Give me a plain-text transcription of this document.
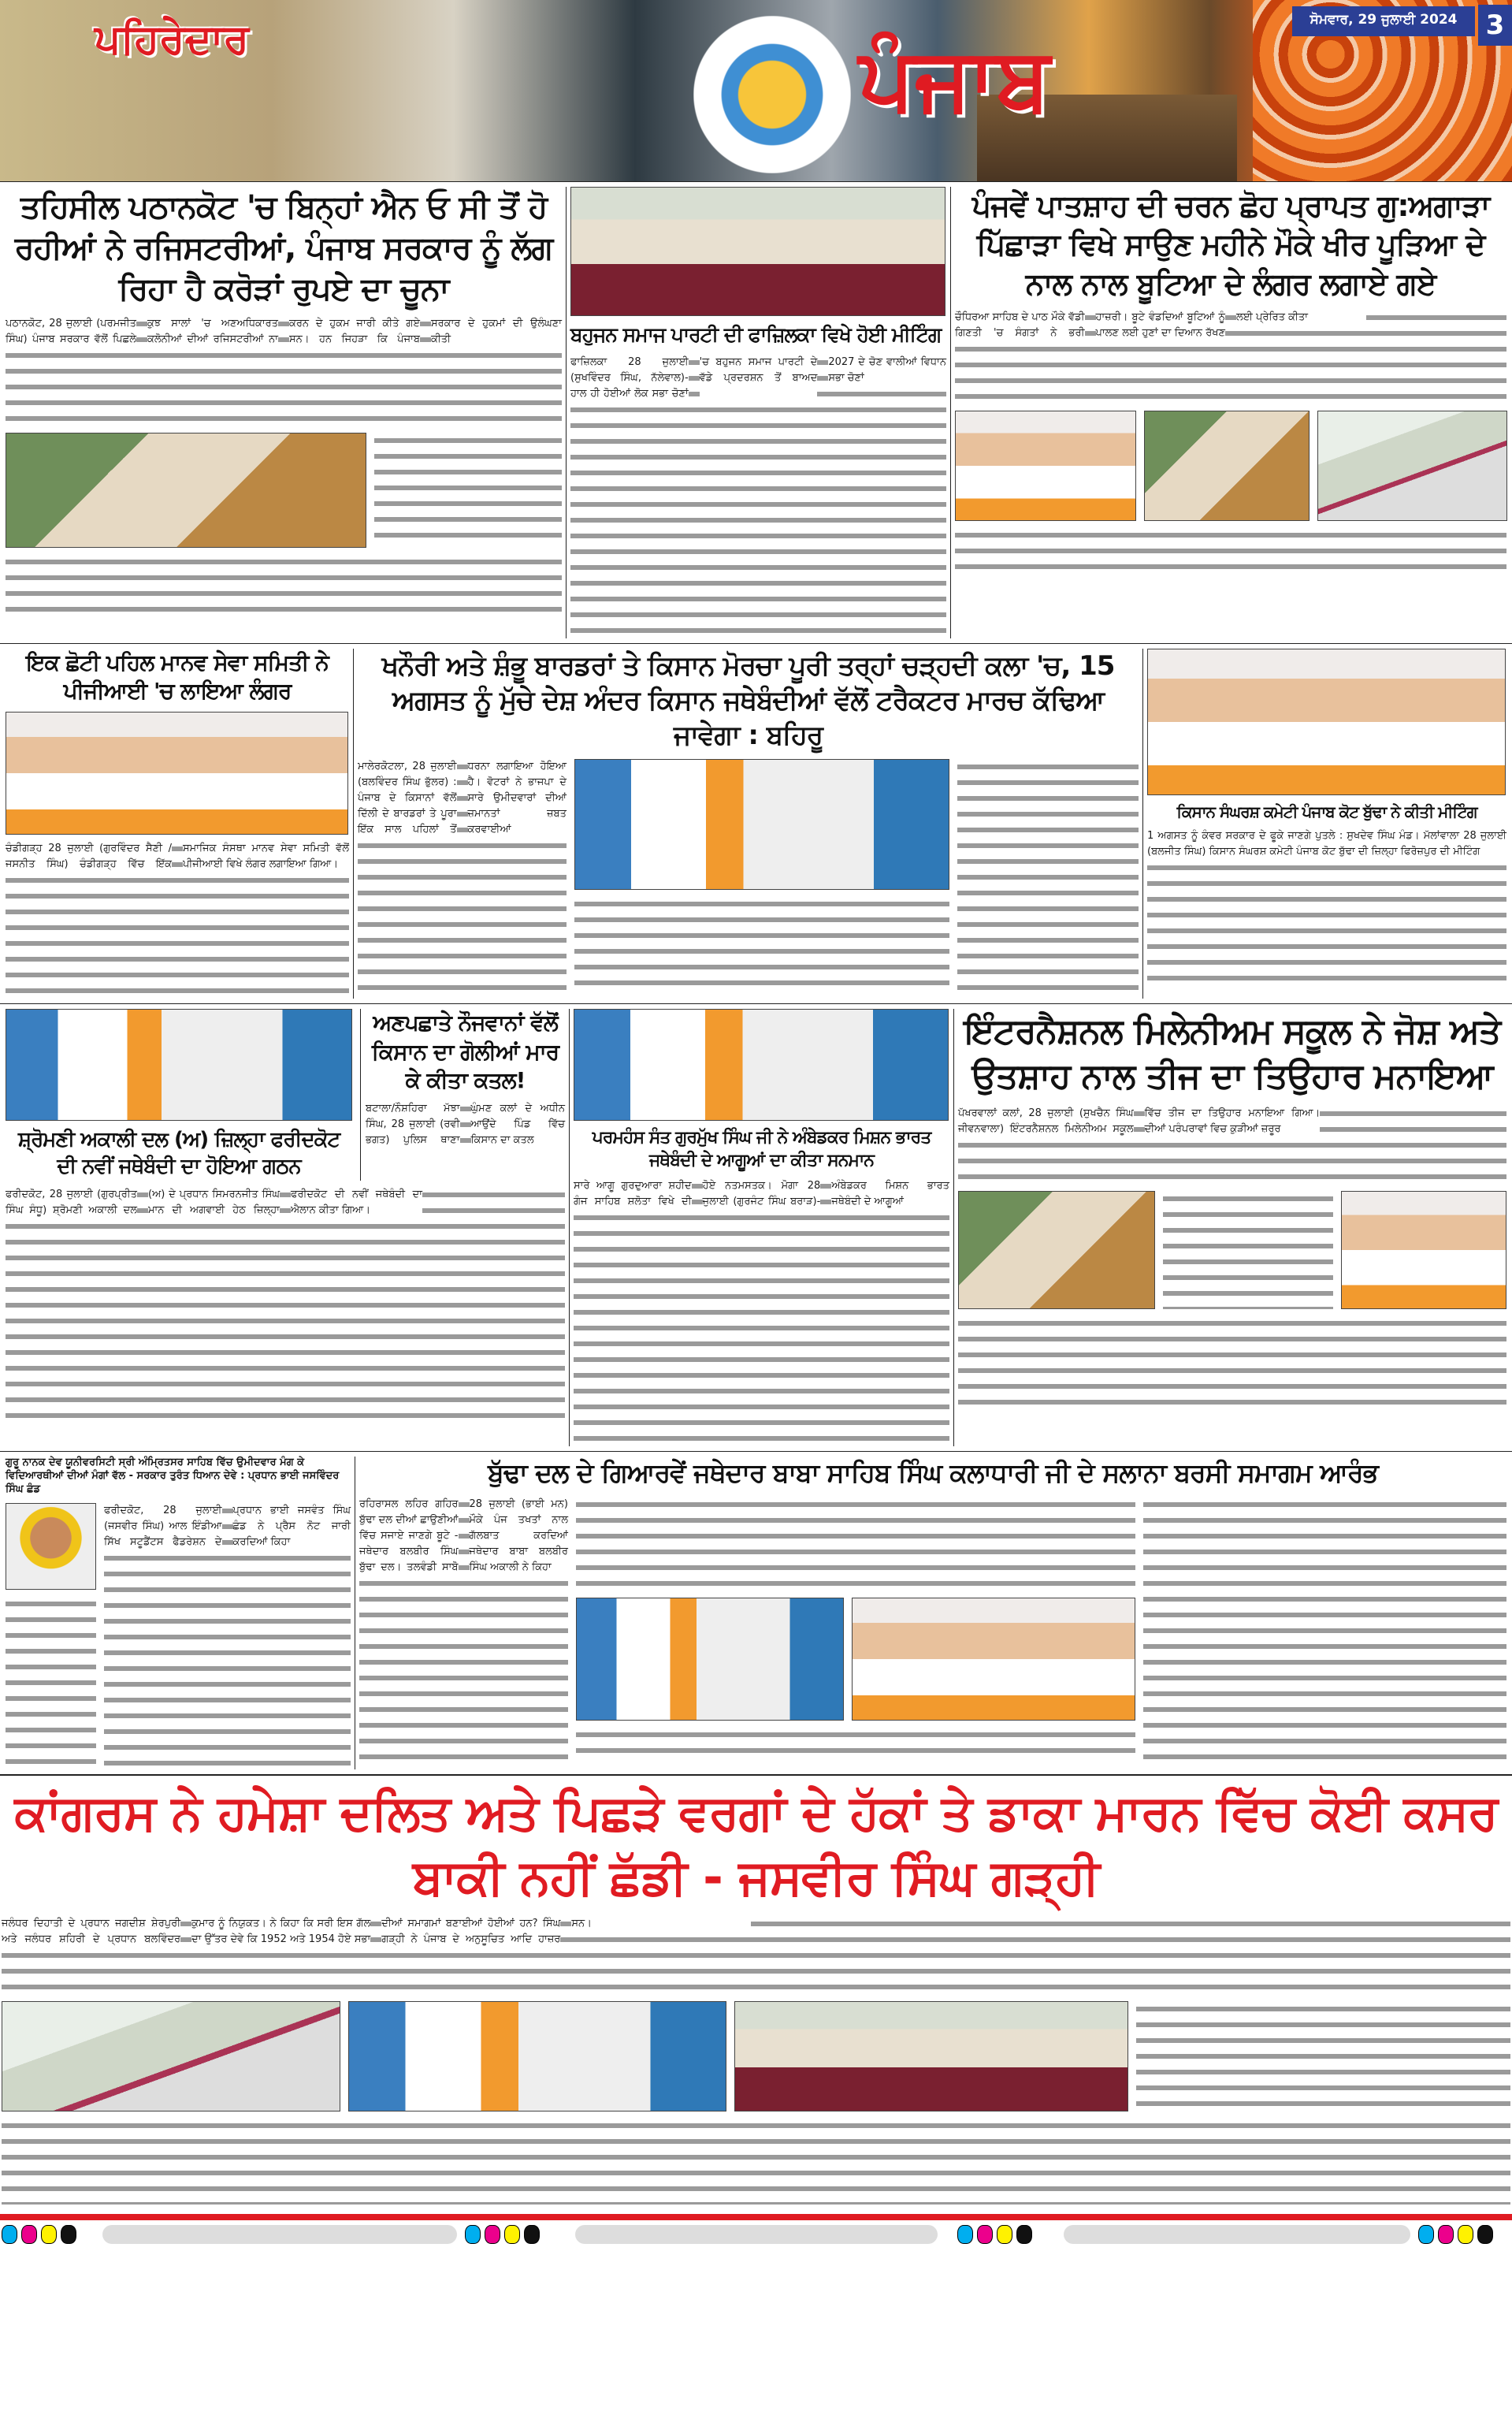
ਪਹਿਰੇਦਾਰ	ਪੰਜਾਬ
ਸੋਮਵਾਰ, 29 ਜੁਲਾਈ 2024	3
ਤਹਿਸੀਲ ਪਠਾਨਕੋਟ 'ਚ ਬਿਨ੍ਹਾਂ ਐਨ ਓ ਸੀ ਤੋਂ ਹੋ ਰਹੀਆਂ ਨੇ ਰਜਿਸਟਰੀਆਂ, ਪੰਜਾਬ ਸਰਕਾਰ ਨੂੰ ਲੱਗ ਰਿਹਾ ਹੈ ਕਰੋੜਾਂ ਰੁਪਏ ਦਾ ਚੂਨਾ

ਪਠਾਨਕੋਟ, 28 ਜੁਲਾਈ (ਪਰਮਜੀਤ ਸਿੰਘ) ਪੰਜਾਬ ਸਰਕਾਰ ਵੱਲੋਂ ਪਿਛਲੇ ਕੁਝ ਸਾਲਾਂ 'ਚ ਅਣਅਧਿਕਾਰਤ ਕਲੋਨੀਆਂ ਦੀਆਂ ਰਜਿਸਟਰੀਆਂ ਨਾ ਕਰਨ ਦੇ ਹੁਕਮ ਜਾਰੀ ਕੀਤੇ ਗਏ ਸਨ। ਹਨ ਜਿਹੜਾ ਕਿ ਪੰਜਾਬ ਸਰਕਾਰ ਦੇ ਹੁਕਮਾਂ ਦੀ ਉਲੰਘਣਾ ਕੀਤੀ	ਬਹੁਜਨ ਸਮਾਜ ਪਾਰਟੀ ਦੀ ਫਾਜ਼ਿਲਕਾ ਵਿਖੇ ਹੋਈ ਮੀਟਿੰਗ

ਫਾਜ਼ਿਲਕਾ 28 ਜੁਲਾਈ (ਸੁਖਵਿੰਦਰ ਸਿੰਘ, ਨੱਲੇਵਾਲ)- ਹਾਲ ਹੀ ਹੋਈਆਂ ਲੋਕ ਸਭਾ ਚੋਣਾਂ 'ਚ ਬਹੁਜਨ ਸਮਾਜ ਪਾਰਟੀ ਦੇ ਵੱਡੇ ਪ੍ਰਦਰਸ਼ਨ ਤੋਂ ਬਾਅਦ 2027 ਦੇ ਚੋਣ ਵਾਲੀਆਂ ਵਿਧਾਨ ਸਭਾ ਚੋਣਾਂ

ਪੰਜਵੇਂ ਪਾਤਸ਼ਾਹ ਦੀ ਚਰਨ ਛੋਹ ਪ੍ਰਾਪਤ ਗੁ:ਅਗਾੜਾ ਪਿੱਛਾੜਾ ਵਿਖੇ ਸਾਉਣ ਮਹੀਨੇ ਮੌਕੇ ਖੀਰ ਪੂੜਿਆ ਦੇ ਨਾਲ ਨਾਲ ਬੂਟਿਆ ਦੇ ਲੰਗਰ ਲਗਾਏ ਗਏ

ਚੌਧਿਰਆ ਸਾਹਿਬ ਦੇ ਪਾਠ ਮੌਕੇ ਵੱਡੀ ਗਿਣਤੀ 'ਚ ਸੰਗਤਾਂ ਨੇ ਭਰੀ ਹਾਜ਼ਰੀ। ਬੂਟੇ ਵੰਡਦਿਆਂ ਬੂਟਿਆਂ ਨੂੰ ਪਾਲਣ ਲਈ ਹੁਣਾਂ ਦਾ ਦਿਆਨ ਰੱਖਣ ਲਈ ਪ੍ਰੇਰਿਤ ਕੀਤਾ

ਇਕ ਛੋਟੀ ਪਹਿਲ ਮਾਨਵ ਸੇਵਾ ਸਮਿਤੀ ਨੇ ਪੀਜੀਆਈ 'ਚ ਲਾਇਆ ਲੰਗਰ

ਚੰਡੀਗੜ੍ਹ 28 ਜੁਲਾਈ (ਗੁਰਵਿੰਦਰ ਸੈਣੀ / ਜਸਨੀਤ ਸਿੰਘ) ਚੰਡੀਗੜ੍ਹ ਵਿੱਚ ਇੱਕ ਸਮਾਜਿਕ ਸੰਸਥਾ ਮਾਨਵ ਸੇਵਾ ਸਮਿਤੀ ਵੱਲੋਂ ਪੀਜੀਆਈ ਵਿਖੇ ਲੰਗਰ ਲਗਾਇਆ ਗਿਆ।

ਖਨੌਰੀ ਅਤੇ ਸ਼ੰਭੂ ਬਾਰਡਰਾਂ ਤੇ ਕਿਸਾਨ ਮੋਰਚਾ ਪੂਰੀ ਤਰ੍ਹਾਂ ਚੜ੍ਹਦੀ ਕਲਾ 'ਚ, 15 ਅਗਸਤ ਨੂੰ ਮੁੱਚੇ ਦੇਸ਼ ਅੰਦਰ ਕਿਸਾਨ ਜਥੇਬੰਦੀਆਂ ਵੱਲੋਂ ਟਰੈਕਟਰ ਮਾਰਚ ਕੱਢਿਆ ਜਾਵੇਗਾ : ਬਹਿਰੂ

ਮਾਲੇਰਕੋਟਲਾ, 28 ਜੁਲਾਈ (ਬਲਵਿੰਦਰ ਸਿੰਘ ਭੁੱਲਰ) : ਪੰਜਾਬ ਦੇ ਕਿਸਾਨਾਂ ਵੱਲੋਂ ਦਿੱਲੀ ਦੇ ਬਾਰਡਰਾਂ ਤੇ ਪੂਰਾ ਇੱਕ ਸਾਲ ਪਹਿਲਾਂ ਤੋਂ ਧਰਨਾ ਲਗਾਇਆ ਹੋਇਆ ਹੈ। ਵੋਟਰਾਂ ਨੇ ਭਾਜਪਾ ਦੇ ਸਾਰੇ ਉਮੀਦਵਾਰਾਂ ਦੀਆਂ ਜ਼ਮਾਨਤਾਂ ਜ਼ਬਤ ਕਰਵਾਈਆਂ

ਕਿਸਾਨ ਸੰਘਰਸ਼ ਕਮੇਟੀ ਪੰਜਾਬ ਕੋਟ ਬੁੱਢਾ ਨੇ ਕੀਤੀ ਮੀਟਿੰਗ

1 ਅਗਸਤ ਨੂੰ ਕੰਵਰ ਸਰਕਾਰ ਦੇ ਫੂਕੇ ਜਾਣਗੇ ਪੁਤਲੇ : ਸੁਖਦੇਵ ਸਿੰਘ ਮੰਡ। ਮੱਲਾਂਵਾਲਾ 28 ਜੁਲਾਈ (ਬਲਜੀਤ ਸਿੰਘ) ਕਿਸਾਨ ਸੰਘਰਸ਼ ਕਮੇਟੀ ਪੰਜਾਬ ਕੋਟ ਬੁੱਢਾ ਦੀ ਜ਼ਿਲ੍ਹਾ ਫਿਰੋਜ਼ਪੁਰ ਦੀ ਮੀਟਿੰਗ

ਸ਼੍ਰੋਮਣੀ ਅਕਾਲੀ ਦਲ (ਅ) ਜ਼ਿਲ੍ਹਾ ਫਰੀਦਕੋਟ ਦੀ ਨਵੀਂ ਜਥੇਬੰਦੀ ਦਾ ਹੋਇਆ ਗਠਨ
ਅਣਪਛਾਤੇ ਨੌਜਵਾਨਾਂ ਵੱਲੋਂ ਕਿਸਾਨ ਦਾ ਗੋਲੀਆਂ ਮਾਰ ਕੇ ਕੀਤਾ ਕਤਲ!

ਬਟਾਲਾ/ਨੌਸ਼ਹਿਰਾ ਮੱਝਾ ਸਿੰਘ, 28 ਜੁਲਾਈ (ਰਵੀ ਭਗਤ) ਪੁਲਿਸ ਥਾਣਾ ਘੁੰਮਣ ਕਲਾਂ ਦੇ ਅਧੀਨ ਆਉਂਦੇ ਪਿੰਡ ਵਿੱਚ ਕਿਸਾਨ ਦਾ ਕਤਲ

ਫਰੀਦਕੋਟ, 28 ਜੁਲਾਈ (ਗੁਰਪ੍ਰੀਤ ਸਿੰਘ ਸੰਧੂ) ਸ਼੍ਰੋਮਣੀ ਅਕਾਲੀ ਦਲ (ਅ) ਦੇ ਪ੍ਰਧਾਨ ਸਿਮਰਨਜੀਤ ਸਿੰਘ ਮਾਨ ਦੀ ਅਗਵਾਈ ਹੇਠ ਜ਼ਿਲ੍ਹਾ ਫਰੀਦਕੋਟ ਦੀ ਨਵੀਂ ਜਥੇਬੰਦੀ ਦਾ ਐਲਾਨ ਕੀਤਾ ਗਿਆ।

ਪਰਮਹੰਸ ਸੰਤ ਗੁਰਮੁੱਖ ਸਿੰਘ ਜੀ ਨੇ ਅੰਬੇਡਕਰ ਮਿਸ਼ਨ ਭਾਰਤ ਜਥੇਬੰਦੀ ਦੇ ਆਗੂਆਂ ਦਾ ਕੀਤਾ ਸਨਮਾਨ

ਸਾਰੇ ਆਗੂ ਗੁਰਦੁਆਰਾ ਸ਼ਹੀਦ ਗੰਜ ਸਾਹਿਬ ਸ਼ਲੋਤਾ ਵਿਖੇ ਦੀ ਹੋਏ ਨਤਮਸਤਕ। ਮੋਗਾ 28 ਜੁਲਾਈ (ਗੁਰਜੰਟ ਸਿੰਘ ਬਰਾੜ)- ਅੰਬੇਡਕਰ ਮਿਸ਼ਨ ਭਾਰਤ ਜਥੇਬੰਦੀ ਦੇ ਆਗੂਆਂ

ਇੰਟਰਨੈਸ਼ਨਲ ਮਿਲੇਨੀਅਮ ਸਕੂਲ ਨੇ ਜੋਸ਼ ਅਤੇ ਉਤਸ਼ਾਹ ਨਾਲ ਤੀਜ ਦਾ ਤਿਉਹਾਰ ਮਨਾਇਆ

ਪੱਖਰਵਾਲਾਂ ਕਲਾਂ, 28 ਜੁਲਾਈ (ਸੁਖਚੈਨ ਸਿੰਘ ਜੀਵਨਵਾਲਾ) ਇੰਟਰਨੈਸ਼ਨਲ ਮਿਲੇਨੀਅਮ ਸਕੂਲ ਵਿੱਚ ਤੀਜ ਦਾ ਤਿਉਹਾਰ ਮਨਾਇਆ ਗਿਆ। ਦੀਆਂ ਪਰੰਪਰਾਵਾਂ ਵਿਚ ਕੁੜੀਆਂ ਜ਼ਰੂਰ

ਗੁਰੂ ਨਾਨਕ ਦੇਵ ਯੂਨੀਵਰਸਿਟੀ ਸ੍ਰੀ ਅੰਮ੍ਰਿਤਸਰ ਸਾਹਿਬ ਵਿੱਚ ਉਮੀਦਵਾਰ ਮੰਗ ਕੇ ਵਿਦਿਆਰਥੀਆਂ ਦੀਆਂ ਮੰਗਾਂ ਵੱਲ - ਸਰਕਾਰ ਤੁਰੰਤ ਧਿਆਨ ਦੇਵੇ : ਪ੍ਰਧਾਨ ਭਾਈ ਜਸਵਿੰਦਰ ਸਿੰਘ ਛੰਡ

ਫਰੀਦਕੋਟ, 28 ਜੁਲਾਈ (ਜਸਵੀਰ ਸਿੰਘ) ਆਲ ਇੰਡੀਆ ਸਿੱਖ ਸਟੂਡੈਂਟਸ ਫੈਡਰੇਸ਼ਨ ਦੇ ਪ੍ਰਧਾਨ ਭਾਈ ਜਸਵੰਤ ਸਿੰਘ ਛੰਡ ਨੇ ਪ੍ਰੈਸ ਨੋਟ ਜਾਰੀ ਕਰਦਿਆਂ ਕਿਹਾ

ਬੁੱਢਾ ਦਲ ਦੇ ਗਿਆਰਵੇਂ ਜਥੇਦਾਰ ਬਾਬਾ ਸਾਹਿਬ ਸਿੰਘ ਕਲਾਧਾਰੀ ਜੀ ਦੇ ਸਲਾਨਾ ਬਰਸੀ ਸਮਾਗਮ ਆਰੰਭ

ਰਹਿਰਾਸਲ ਲਹਿਰ ਗਹਿਰ ਬੁੱਢਾ ਦਲ ਦੀਆਂ ਛਾਉਣੀਆਂ ਵਿੱਚ ਸਜਾਏ ਜਾਣਗੇ ਬੂਟੇ - ਜਥੇਦਾਰ ਬਲਬੀਰ ਸਿੰਘ ਬੁੱਢਾ ਦਲ। ਤਲਵੰਡੀ ਸਾਬੋ 28 ਜੁਲਾਈ (ਭਾਈ ਮਨ) ਮੌਕੇ ਪੰਜ ਤਖਤਾਂ ਨਾਲ ਗੱਲਬਾਤ ਕਰਦਿਆਂ ਜਥੇਦਾਰ ਬਾਬਾ ਬਲਬੀਰ ਸਿੰਘ ਅਕਾਲੀ ਨੇ ਕਿਹਾ

ਕਾਂਗਰਸ ਨੇ ਹਮੇਸ਼ਾ ਦਲਿਤ ਅਤੇ ਪਿਛੜੇ ਵਰਗਾਂ ਦੇ ਹੱਕਾਂ ਤੇ ਡਾਕਾ ਮਾਰਨ ਵਿੱਚ ਕੋਈ ਕਸਰ ਬਾਕੀ ਨਹੀਂ ਛੱਡੀ - ਜਸਵੀਰ ਸਿੰਘ ਗੜ੍ਹੀ

ਜਲੰਧਰ ਦਿਹਾਤੀ ਦੇ ਪ੍ਰਧਾਨ ਜਗਦੀਸ਼ ਸ਼ੇਰਪੁਰੀ ਅਤੇ ਜਲੰਧਰ ਸ਼ਹਿਰੀ ਦੇ ਪ੍ਰਧਾਨ ਬਲਵਿੰਦਰ ਕੁਮਾਰ ਨੂੰ ਨਿਯੁਕਤ। ਨੇ ਕਿਹਾ ਕਿ ਸਰੀ ਇਸ ਗੱਲ ਦਾ ਉੱਤਰ ਦੇਵੇ ਕਿ 1952 ਅਤੇ 1954 ਹੋਏ ਸਭਾ ਦੀਆਂ ਸਮਾਗਮਾਂ ਬਣਾਈਆਂ ਹੋਈਆਂ ਹਨ? ਸਿੰਘ ਗੜ੍ਹੀ ਨੇ ਪੰਜਾਬ ਦੇ ਅਨੁਸੂਚਿਤ ਆਦਿ ਹਾਜ਼ਰ ਸਨ।
